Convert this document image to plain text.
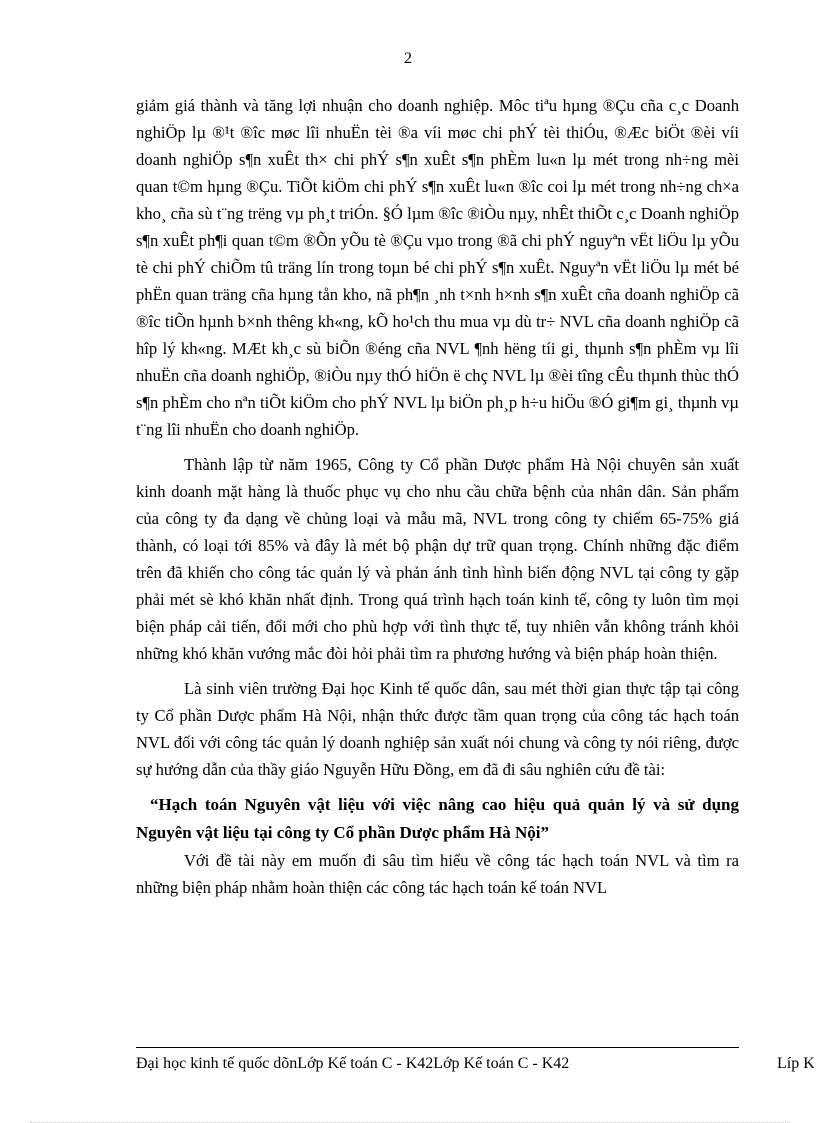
2

giảm giá thành và tăng lợi nhuận cho doanh nghiệp. Môc tiªu hµng ®Çu cña c¸c Doanh nghiÖp lµ ®¹t ®îc møc lîi nhuËn tèi ®a víi møc chi phÝ tèi thiÓu, ®Æc biÖt ®èi víi doanh nghiÖp s¶n xuÊt th× chi phÝ s¶n xuÊt s¶n phÈm lu«n lµ mét trong nh÷ng mèi quan t©m hµng ®Çu. TiÕt kiÖm chi phÝ s¶n xuÊt lu«n ®îc coi lµ mét trong nh÷ng ch×a kho¸ cña sù t¨ng trëng vµ ph¸t triÓn. §Ó lµm ®îc ®iÒu nµy, nhÊt thiÕt c¸c Doanh nghiÖp s¶n xuÊt ph¶i quan t©m ®Õn yÕu tè ®Çu vµo trong ®ã chi phÝ nguyªn vËt liÖu lµ yÕu tè chi phÝ chiÕm tû träng lín trong toµn bé chi phÝ s¶n xuÊt. Nguyªn vËt liÖu lµ mét bé phËn quan träng cña hµng tån kho, nã ph¶n ¸nh t×nh h×nh s¶n xuÊt cña doanh nghiÖp cã ®îc tiÕn hµnh b×nh thêng kh«ng, kÕ ho¹ch thu mua vµ dù tr÷ NVL cña doanh nghiÖp cã hîp lý kh«ng. MÆt kh¸c sù biÕn ®éng cña NVL ¶nh hëng tíi gi¸ thµnh s¶n phÈm vµ lîi nhuËn cña doanh nghiÖp, ®iÒu nµy thÓ hiÖn ë chç NVL lµ ®èi tîng cÊu thµnh thùc thÓ s¶n phÈm cho nªn tiÕt kiÖm cho phÝ NVL lµ biÖn ph¸p h÷u hiÖu ®Ó gi¶m gi¸ thµnh vµ t¨ng lîi nhuËn cho doanh nghiÖp.

Thành lập từ năm 1965, Công ty Cổ phần Dược phẩm Hà Nội chuyên sản xuất kinh doanh mặt hàng là thuốc phục vụ cho nhu cầu chữa bệnh của nhân dân. Sản phẩm của công ty đa dạng về chủng loại và mẫu mã, NVL trong công ty chiếm 65-75% giá thành, có loại tới 85% và đây là mét bộ phận dự trữ quan trọng. Chính những đặc điểm trên đã khiến cho công tác quản lý và phản ánh tình hình biến động NVL tại công ty gặp phải mét sè khó khăn nhất định. Trong quá trình hạch toán kinh tế, công ty luôn tìm mọi biện pháp cải tiến, đổi mới cho phù hợp với tình thực tế, tuy nhiên vẫn không tránh khỏi những khó khăn vướng mắc đòi hỏi phải tìm ra phương hướng và biện pháp hoàn thiện.

Là sinh viên trường Đại học Kinh tế quốc dân, sau mét thời gian thực tập tại công ty Cổ phần Dược phẩm Hà Nội, nhận thức được tầm quan trọng của công tác hạch toán NVL đối với công tác quản lý doanh nghiệp sản xuất nói chung và công ty nói riêng, được sự hướng dẫn của thầy giáo Nguyễn Hữu Đồng, em đã đi sâu nghiên cứu đề tài:

“Hạch toán Nguyên vật liệu với việc nâng cao hiệu quả quản lý và sử dụng Nguyên vật liệu tại công ty Cổ phần Dược phẩm Hà Nội”

Với đề tài này em muốn đi sâu tìm hiểu về công tác hạch toán NVL và tìm ra những biện pháp nhằm hoàn thiện các công tác hạch toán kế toán NVL

Đại học kinh tế quốc dõnLớp Kế toán C - K42Lớp Kế toán C - K42	Líp K
